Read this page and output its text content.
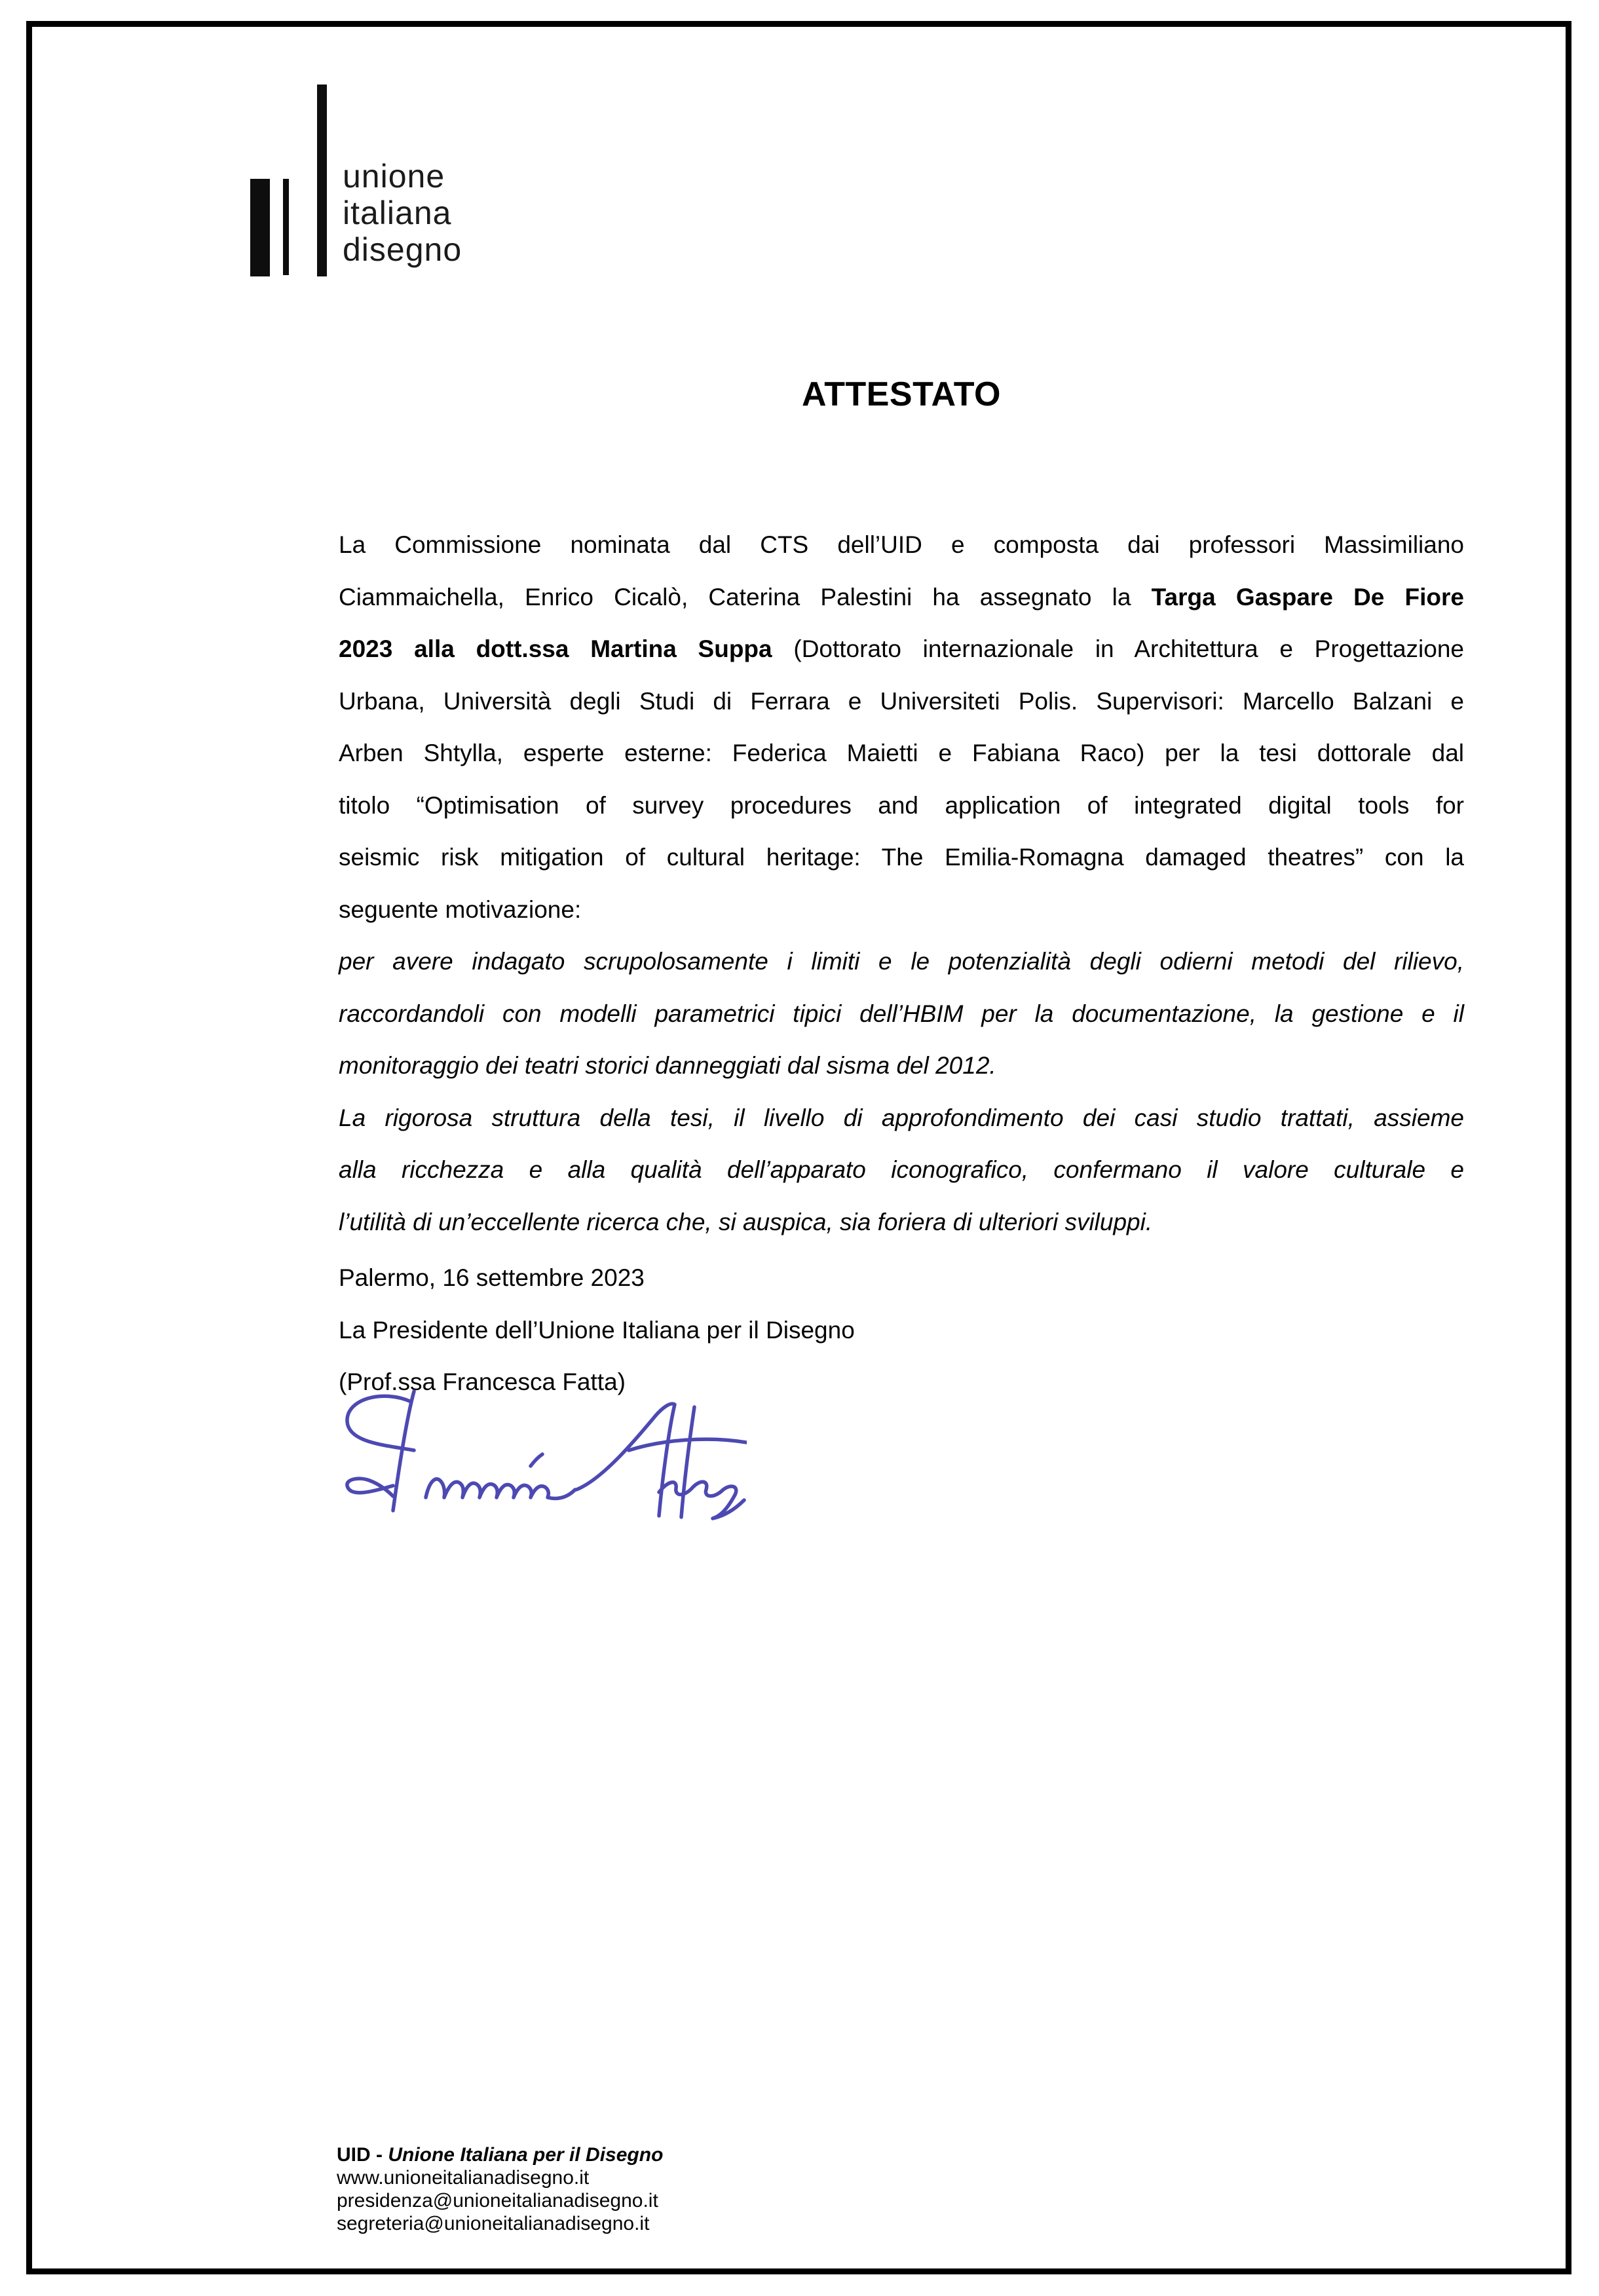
unione
italiana
disegno
ATTESTATO
La Commissione nominata dal CTS dell’UID e composta dai professori Massimiliano
Ciammaichella, Enrico Cicalò, Caterina Palestini ha assegnato la Targa Gaspare De Fiore
2023 alla dott.ssa Martina Suppa (Dottorato internazionale in Architettura e Progettazione
Urbana, Università degli Studi di Ferrara e Universiteti Polis. Supervisori: Marcello Balzani e
Arben Shtylla, esperte esterne: Federica Maietti e Fabiana Raco) per la tesi dottorale dal
titolo “Optimisation of survey procedures and application of integrated digital tools for
seismic risk mitigation of cultural heritage: The Emilia-Romagna damaged theatres” con la
seguente motivazione:
per avere indagato scrupolosamente i limiti e le potenzialità degli odierni metodi del rilievo,
raccordandoli con modelli parametrici tipici dell’HBIM per la documentazione, la gestione e il
monitoraggio dei teatri storici danneggiati dal sisma del 2012.
La rigorosa struttura della tesi, il livello di approfondimento dei casi studio trattati, assieme
alla ricchezza e alla qualità dell’apparato iconografico, confermano il valore culturale e
l’utilità di un’eccellente ricerca che, si auspica, sia foriera di ulteriori sviluppi.
Palermo, 16 settembre 2023
La Presidente dell’Unione Italiana per il Disegno
(Prof.ssa Francesca Fatta)
UID - Unione Italiana per il Disegno
www.unioneitalianadisegno.it
presidenza@unioneitalianadisegno.it
segreteria@unioneitalianadisegno.it
